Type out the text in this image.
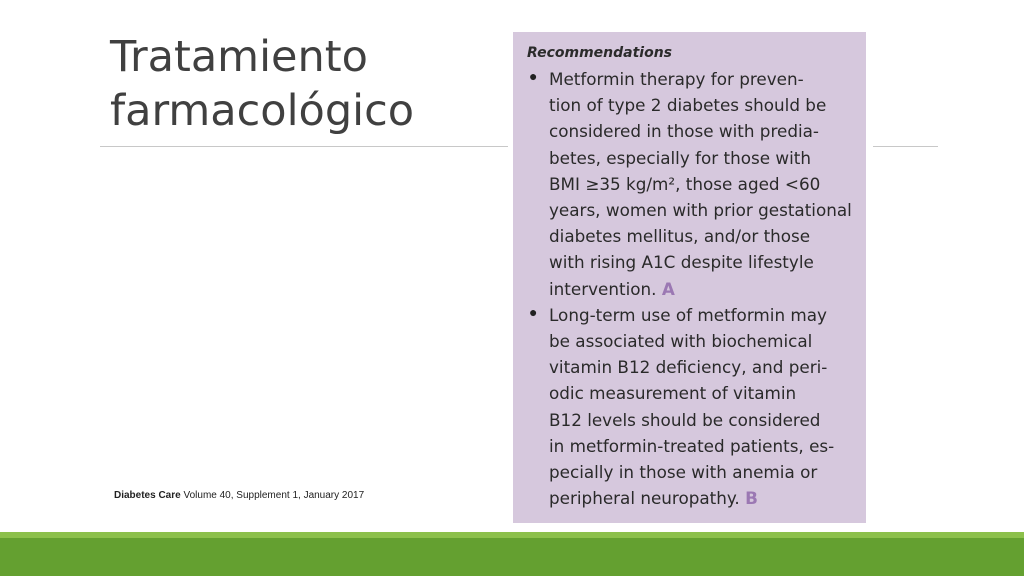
Tratamiento
farmacológico
Diabetes Care Volume 40, Supplement 1, January 2017
Recommendations
● Metformin therapy for preven-
tion of type 2 diabetes should be
considered in those with predia-
betes, especially for those with
BMI ≥35 kg/m², those aged <60
years, women with prior gestational
diabetes mellitus, and/or those
with rising A1C despite lifestyle
intervention. A
● Long-term use of metformin may
be associated with biochemical
vitamin B12 deficiency, and peri-
odic measurement of vitamin
B12 levels should be considered
in metformin-treated patients, es-
pecially in those with anemia or
peripheral neuropathy. B
